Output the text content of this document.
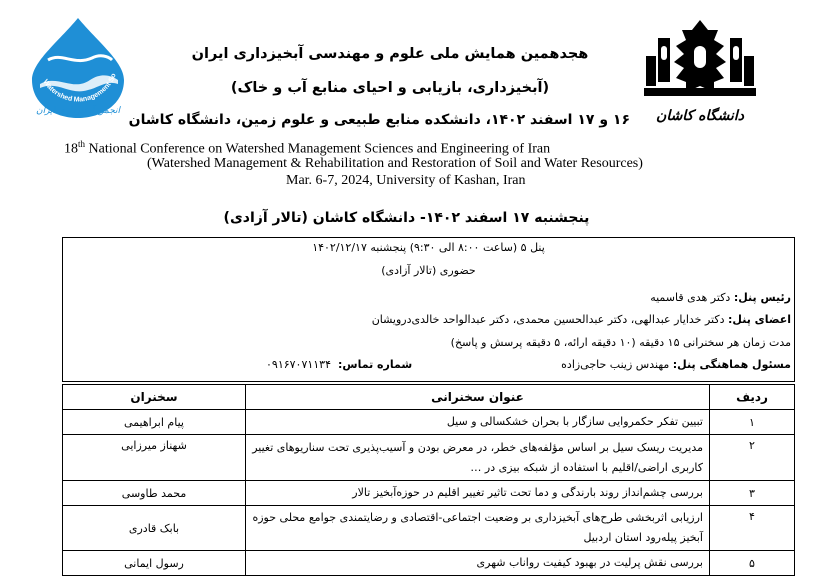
Watershed Management So
انجمن آبخیزداری ایران	دانشگاه کاشان
هجدهمین همایش ملی علوم و مهندسی آبخیزداری ایران
(آبخیزداری، بازیابی و احیای منابع آب و خاک)
۱۶ و ۱۷ اسفند ۱۴۰۲، دانشکده منابع طبیعی و علوم زمین، دانشگاه کاشان
18th National Conference on Watershed Management Sciences and Engineering of Iran
(Watershed Management & Rehabilitation and Restoration of Soil and Water Resources)
Mar. 6-7, 2024, University of Kashan, Iran
پنجشنبه ۱۷ اسفند ۱۴۰۲- دانشگاه کاشان (تالار آزادی)
پنل ۵ (ساعت ۸:۰۰ الی ۹:۳۰) پنجشنبه ۱۴۰۲/۱۲/۱۷
حضوری (تالار آزادی)
رئیس پنل: دکتر هدی قاسمیه
اعضای پنل: دکتر خدایار عبدالهی، دکتر عبدالحسین محمدی، دکتر عبدالواحد خالدی‌درویشان
مدت زمان هر سخنرانی ۱۵ دقیقه (۱۰ دقیقه ارائه، ۵ دقیقه پرسش و پاسخ)
مسئول هماهنگی پنل: مهندس زینب حاجی‌زاده
شماره تماس:  ۰۹۱۶۷۰۷۱۱۳۴
ردیف	عنوان سخنرانی	سخنران
۱	تبیین تفکر حکمروایی سازگار با بحران خشکسالی و سیل	پیام ابراهیمی
۲	مدیریت ریسک سیل بر اساس مؤلفه‌های خطر، در معرض بودن و آسیب‌پذیری تحت سناریوهای تغییر کاربری اراضی/اقلیم با استفاده از شبکه بیزی در …	شهناز میرزایی
۳	بررسی چشم‌انداز روند بارندگی و دما تحت تاثیر تغییر اقلیم در حوزه‌آبخیز تالار	محمد طاوسی
۴	ارزیابی اثربخشی طرح‌های آبخیزداری بر وضعیت اجتماعی-اقتصادی و رضایتمندی جوامع محلی حوزه آبخیز پیله‌رود استان اردبیل	بابک قادری
۵	بررسی نقش پرلیت در بهبود کیفیت رواناب شهری	رسول ایمانی
